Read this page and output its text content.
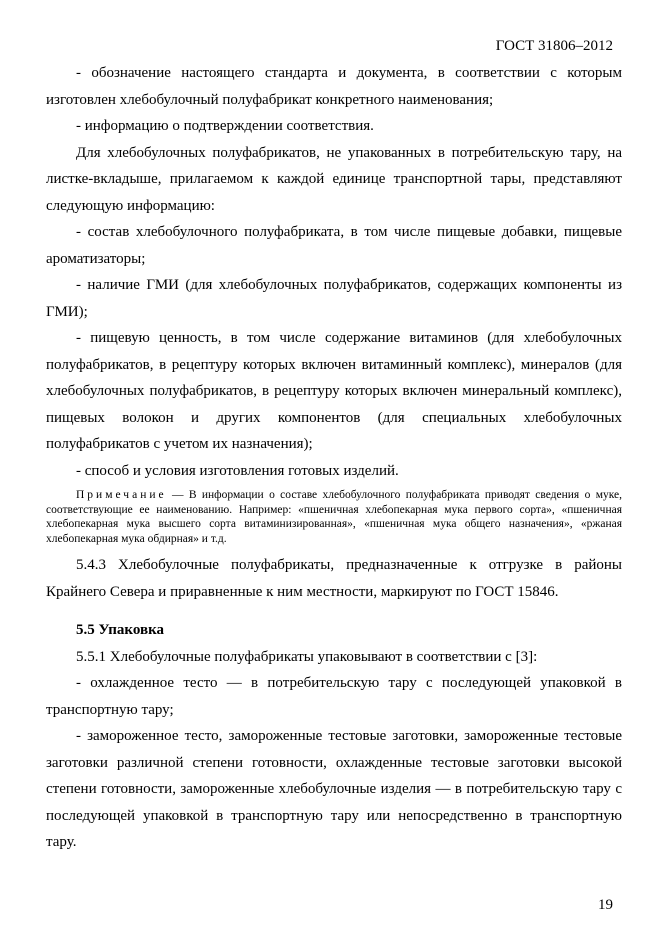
ГОСТ 31806–2012

- обозначение настоящего стандарта и документа, в соответствии с которым изготовлен хлебобулочный полуфабрикат конкретного наименования;

- информацию о подтверждении соответствия.

Для хлебобулочных полуфабрикатов, не упакованных в потребительскую тару, на листке-вкладыше, прилагаемом к каждой единице транспортной тары, представляют следующую информацию:

- состав хлебобулочного полуфабриката, в том числе пищевые добавки, пищевые ароматизаторы;

- наличие ГМИ (для хлебобулочных полуфабрикатов, содержащих компоненты из ГМИ);

- пищевую ценность, в том числе содержание витаминов (для хлебобулочных полуфабрикатов, в рецептуру которых включен витаминный комплекс), минералов (для хлебобулочных полуфабрикатов, в рецептуру которых включен минеральный комплекс), пищевых волокон и других компонентов (для специальных хлебобулочных полуфабрикатов с учетом их назначения);

- способ и условия изготовления готовых изделий.

Примечание — В информации о составе хлебобулочного полуфабриката приводят сведения о муке, соответствующие ее наименованию. Например: «пшеничная хлебопекарная мука первого сорта», «пшеничная хлебопекарная мука высшего сорта витаминизированная», «пшеничная мука общего назначения», «ржаная хлебопекарная мука обдирная» и т.д.

5.4.3 Хлебобулочные полуфабрикаты, предназначенные к отгрузке в районы Крайнего Севера и приравненные к ним местности, маркируют по ГОСТ 15846.

5.5 Упаковка

5.5.1 Хлебобулочные полуфабрикаты упаковывают в соответствии с [3]:

- охлажденное тесто — в потребительскую тару с последующей упаковкой в транспортную тару;

- замороженное тесто, замороженные тестовые заготовки, замороженные тестовые заготовки различной степени готовности, охлажденные тестовые заготовки высокой степени готовности, замороженные хлебобулочные изделия — в потребительскую тару с последующей упаковкой в транспортную тару или непосредственно в транспортную тару.

19
